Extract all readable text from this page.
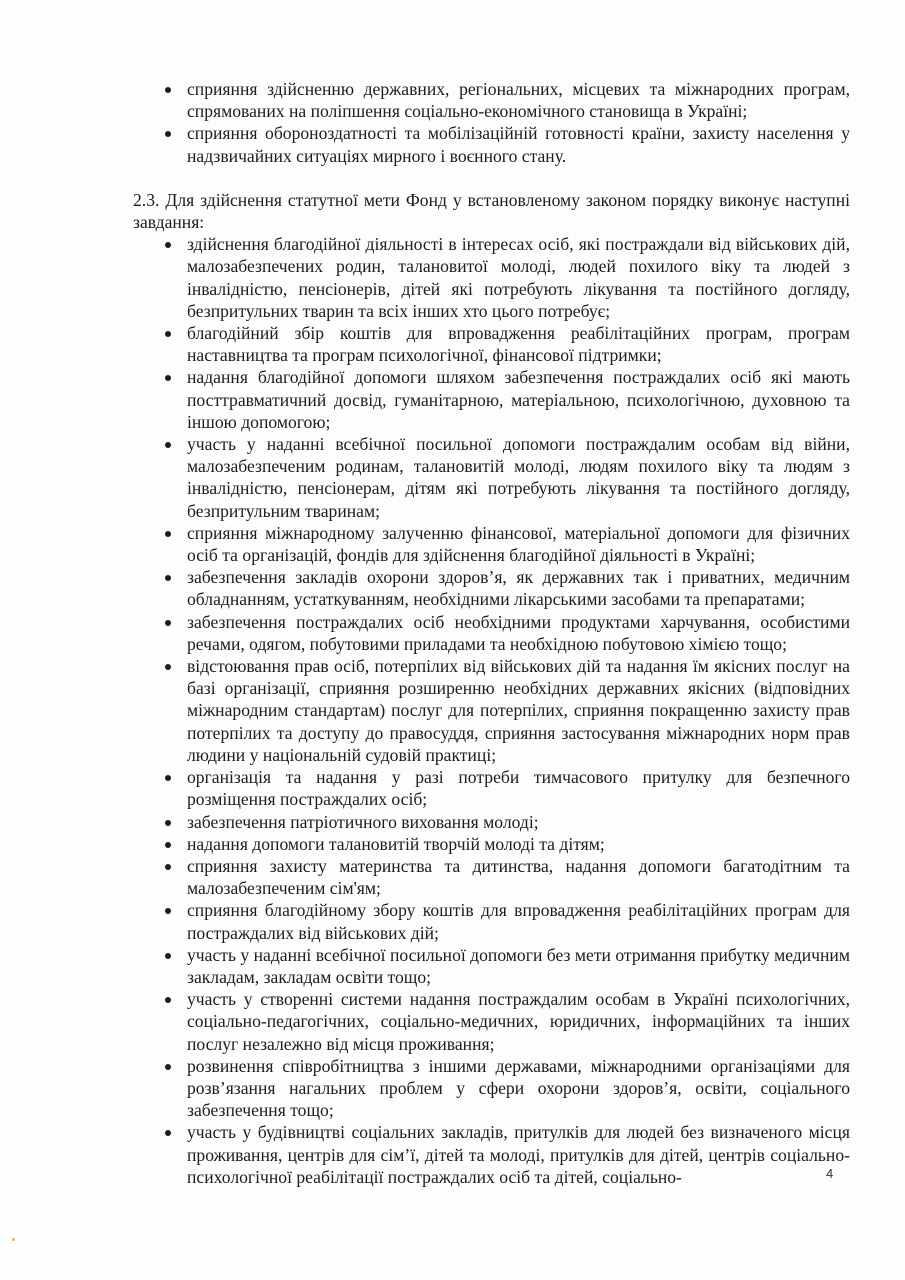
сприяння здійсненню державних, регіональних, місцевих та міжнародних програм, спрямованих на поліпшення соціально-економічного становища в Україні;
сприяння обороноздатності та мобілізаційній готовності країни, захисту населення у надзвичайних ситуаціях мирного і воєнного стану.

2.3. Для здійснення статутної мети Фонд у встановленому законом порядку виконує наступні завдання:

здійснення благодійної діяльності в інтересах осіб, які постраждали від військових дій, малозабезпечених родин, талановитої молоді, людей похилого віку та людей з інвалідністю, пенсіонерів, дітей які потребують лікування та постійного догляду, безпритульних тварин та всіх інших хто цього потребує;
благодійний збір коштів для впровадження реабілітаційних програм, програм наставництва та програм психологічної, фінансової підтримки;
надання благодійної допомоги шляхом забезпечення постраждалих осіб які мають посттравматичний досвід, гуманітарною, матеріальною, психологічною, духовною та іншою допомогою;
участь у наданні всебічної посильної допомоги постраждалим особам від війни, малозабезпеченим родинам, талановитій молоді, людям похилого віку та людям з інвалідністю, пенсіонерам, дітям які потребують лікування та постійного догляду, безпритульним тваринам;
сприяння міжнародному залученню фінансової, матеріальної допомоги для фізичних осіб та організацій, фондів для здійснення благодійної діяльності в Україні;
забезпечення закладів охорони здоров’я, як державних так і приватних, медичним обладнанням, устаткуванням, необхідними лікарськими засобами та препаратами;
забезпечення постраждалих осіб необхідними продуктами харчування, особистими речами, одягом, побутовими приладами та необхідною побутовою хімією тощо;
відстоювання прав осіб, потерпілих від військових дій та надання їм якісних послуг на базі організації, сприяння розширенню необхідних державних якісних (відповідних міжнародним стандартам) послуг для потерпілих, сприяння покращенню захисту прав потерпілих та доступу до правосуддя, сприяння застосування міжнародних норм прав людини у національній судовій практиці;
організація та надання у разі потреби тимчасового притулку для безпечного розміщення постраждалих осіб;
забезпечення патріотичного виховання молоді;
надання допомоги талановитій творчій молоді та дітям;
сприяння захисту материнства та дитинства, надання допомоги багатодітним та малозабезпеченим сім'ям;
сприяння благодійному збору коштів для впровадження реабілітаційних програм для постраждалих від військових дій;
участь у наданні всебічної посильної допомоги без мети отримання прибутку медичним закладам, закладам освіти тощо;
участь у створенні системи надання постраждалим особам в Україні психологічних, соціально-педагогічних, соціально-медичних, юридичних, інформаційних та інших послуг незалежно від місця проживання;
розвинення співробітництва з іншими державами, міжнародними організаціями для розв’язання нагальних проблем у сфери охорони здоров’я, освіти, соціального забезпечення тощо;
участь у будівництві соціальних закладів, притулків для людей без визначеного місця проживання, центрів для сім’ї, дітей та молоді, притулків для дітей, центрів соціально-психологічної реабілітації постраждалих осіб та дітей, соціально-	4
